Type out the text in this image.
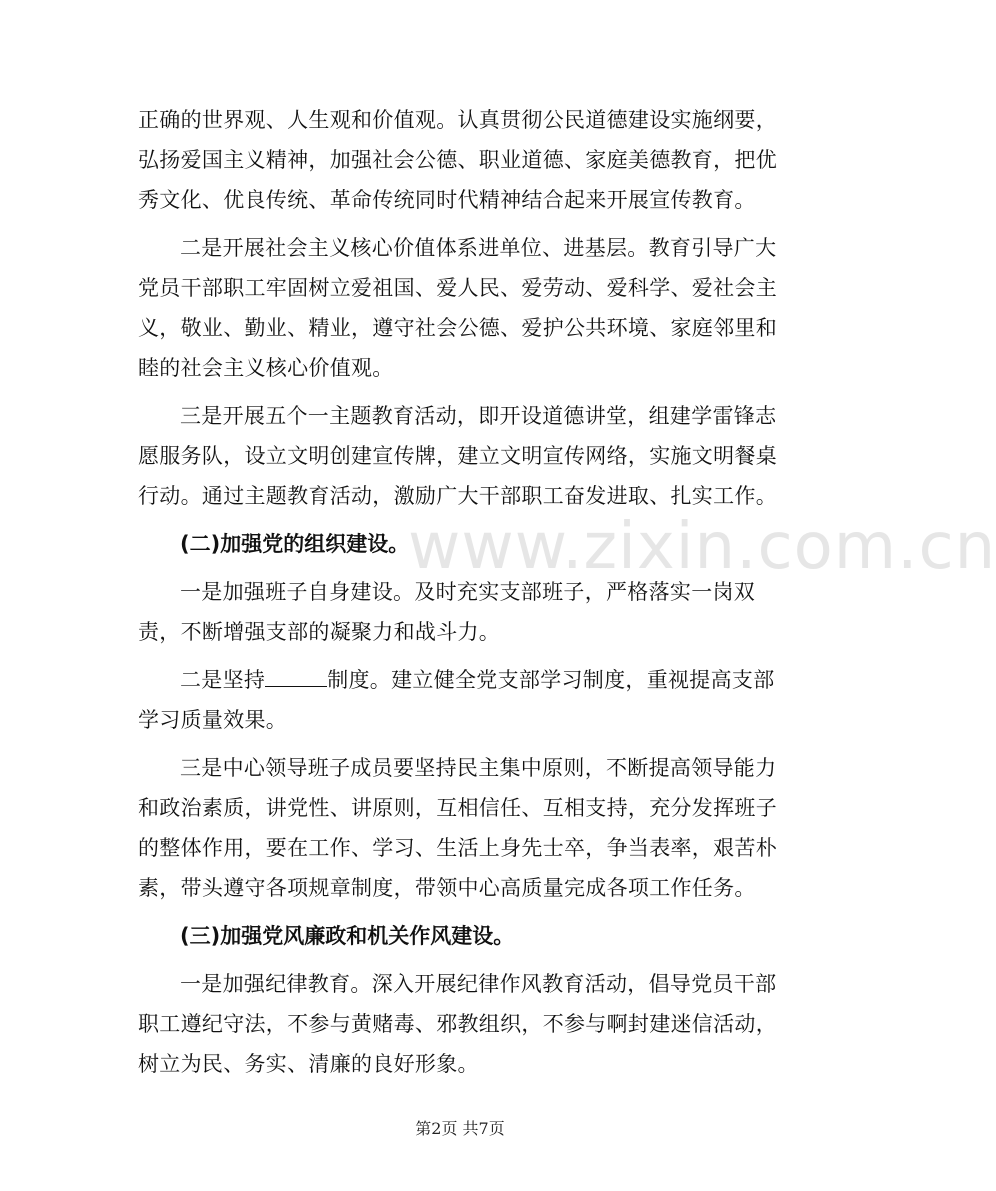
www.zixin.com.cn

正确的世界观、人生观和价值观。认真贯彻公民道德建设实施纲要，弘扬爱国主义精神，加强社会公德、职业道德、家庭美德教育，把优秀文化、优良传统、革命传统同时代精神结合起来开展宣传教育。

二是开展社会主义核心价值体系进单位、进基层。教育引导广大党员干部职工牢固树立爱祖国、爱人民、爱劳动、爱科学、爱社会主义，敬业、勤业、精业，遵守社会公德、爱护公共环境、家庭邻里和睦的社会主义核心价值观。

三是开展五个一主题教育活动，即开设道德讲堂，组建学雷锋志愿服务队，设立文明创建宣传牌，建立文明宣传网络，实施文明餐桌行动。通过主题教育活动，激励广大干部职工奋发进取、扎实工作。

(二)加强党的组织建设。

一是加强班子自身建设。及时充实支部班子，严格落实一岗双责，不断增强支部的凝聚力和战斗力。

二是坚持	制度。建立健全党支部学习制度，重视提高支部学习质量效果。

三是中心领导班子成员要坚持民主集中原则，不断提高领导能力和政治素质，讲党性、讲原则，互相信任、互相支持，充分发挥班子的整体作用，要在工作、学习、生活上身先士卒，争当表率，艰苦朴素，带头遵守各项规章制度，带领中心高质量完成各项工作任务。

(三)加强党风廉政和机关作风建设。

一是加强纪律教育。深入开展纪律作风教育活动，倡导党员干部职工遵纪守法，不参与黄赌毒、邪教组织，不参与啊封建迷信活动，树立为民、务实、清廉的良好形象。

第2页 共7页
